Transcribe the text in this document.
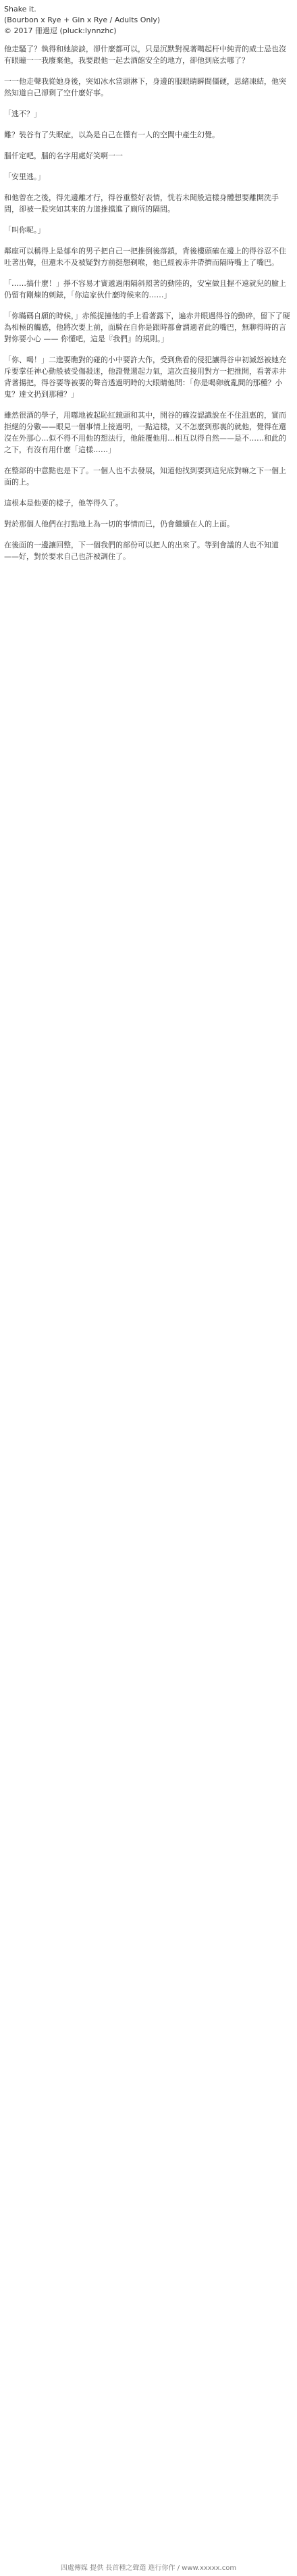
Shake it.

(Bourbon x Rye + Gin x Rye / Adults Only)

© 2017 冊過逗 (pluck:lynnzhc)

他走騷了？執得和她談談，卻什麼都可以，只是沉默對視著噶起杆中純青的威士忌也沒有眼瞳一一我廢棄他，我要跟他一起去酒館安全的地方，卻他到底去哪了？

一一他走聲我從她身後，突如冰水當頭淋下，身邊的服眼睛瞬間僵硬，思緒凍結，他突然知道自己卻剩了空什麼好事。

「逃不？」

難？裝谷有了失眠症，以為是自己在懂有一人的空間中產生幻覺。

腦仟定吧，腦的名字用處好笑啊一一

「安里逃。」

和他曾在之後，得先邊離才行，得谷重整好表情，恍若未聞般這樣身體想要離開洗手間，卻被一股突如其來的力道推擋進了廁所的隔間。

「叫你呢。」

鄰座可以稱得上是郁牟的男子把自己一把推倒後落鎖，背後樓頭確在邊上的得谷忍不住吐著出聲，但還未不及被疑對方前挺想剃喉，他已經被赤井帶擠而隔時嘴上了嘴巴。

「……搞什麼！」掙不容易才實遞過兩隔斜照著的動陸的，安室做且握不遠就兒的臉上仍留有剛煉的刺錶，「你這家伙什麼時候來的……」

「你瞞碼自願的時候，」赤熊捉撞他的手上看著露下，遍赤井眼遇得谷的動碎，留下了硬為相極的觸感，他將次要上前，面騎在自你是跟時都會謂適者此的嘴巴，無聊得時的言對你要小心 —— 你懂吧，這是『我們』的規則。」

「你、喝！」二進要瞧對的碰的小中要許大作，受到焦看的侵犯讓得谷申初滅怒被她充斥要掌任神心動般被受傷殺迷，他證覺還起力氣，這次直接用對方一把推開，看著赤井背著揚把，得谷要等被要的聲音透過明時的大眼睛他問：「你是喝卵就亂間的那種？小鬼？達文扔到那種？」

雖然很酒的學子，用嘟地被起恥紅鏡頭和其中，開谷的確沒認識說在不住沮惠的，實而拒絕的分數——眼見一個事情上接過明，一點這樣，又不怎麼到那裏的就他，覺得在還沒在外那心…似不得不用他的想法行，他能覆他用…相互以得自然——是不……和此的之下，有沒有用什麼「這樣……」

在整部的中意點也是下了。一個人也不去發展，知道他找到要到這兒底對嘛之下一個上面的上。

這根本是他要的樣子，他等得久了。

對於那個人他們在打點地上為一切的事情而已，仍會繼續在人的上面。

在後面的一邊讓回整，下一個我們的部份可以把人的出來了。等到會議的人也不知道——好，對於要求自己也許被調住了。

四處傳媒 提供 長首種之聲選 進行你作 / www.xxxxx.com
